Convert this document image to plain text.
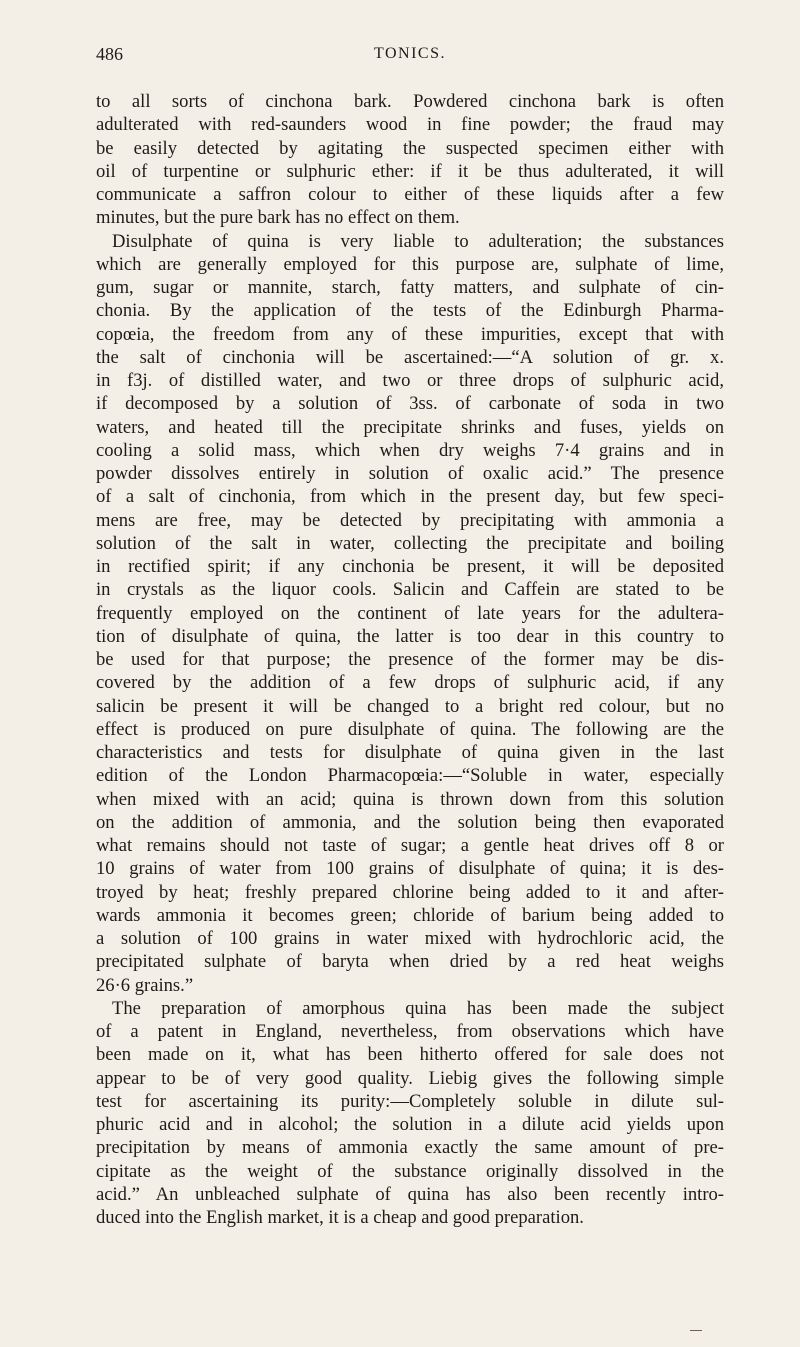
486	TONICS.
to all sorts of cinchona bark. Powdered cinchona bark is often
adulterated with red-saunders wood in fine powder; the fraud may
be easily detected by agitating the suspected specimen either with
oil of turpentine or sulphuric ether: if it be thus adulterated, it will
communicate a saffron colour to either of these liquids after a few
minutes, but the pure bark has no effect on them.
Disulphate of quina is very liable to adulteration; the substances
which are generally employed for this purpose are, sulphate of lime,
gum, sugar or mannite, starch, fatty matters, and sulphate of cin-
chonia. By the application of the tests of the Edinburgh Pharma-
copœia, the freedom from any of these impurities, except that with
the salt of cinchonia will be ascertained:—“A solution of gr. x.
in f3j. of distilled water, and two or three drops of sulphuric acid,
if decomposed by a solution of 3ss. of carbonate of soda in two
waters, and heated till the precipitate shrinks and fuses, yields on
cooling a solid mass, which when dry weighs 7·4 grains and in
powder dissolves entirely in solution of oxalic acid.” The presence
of a salt of cinchonia, from which in the present day, but few speci-
mens are free, may be detected by precipitating with ammonia a
solution of the salt in water, collecting the precipitate and boiling
in rectified spirit; if any cinchonia be present, it will be deposited
in crystals as the liquor cools. Salicin and Caffein are stated to be
frequently employed on the continent of late years for the adultera-
tion of disulphate of quina, the latter is too dear in this country to
be used for that purpose; the presence of the former may be dis-
covered by the addition of a few drops of sulphuric acid, if any
salicin be present it will be changed to a bright red colour, but no
effect is produced on pure disulphate of quina. The following are the
characteristics and tests for disulphate of quina given in the last
edition of the London Pharmacopœia:—“Soluble in water, especially
when mixed with an acid; quina is thrown down from this solution
on the addition of ammonia, and the solution being then evaporated
what remains should not taste of sugar; a gentle heat drives off 8 or
10 grains of water from 100 grains of disulphate of quina; it is des-
troyed by heat; freshly prepared chlorine being added to it and after-
wards ammonia it becomes green; chloride of barium being added to
a solution of 100 grains in water mixed with hydrochloric acid, the
precipitated sulphate of baryta when dried by a red heat weighs
26·6 grains.”
The preparation of amorphous quina has been made the subject
of a patent in England, nevertheless, from observations which have
been made on it, what has been hitherto offered for sale does not
appear to be of very good quality. Liebig gives the following simple
test for ascertaining its purity:—Completely soluble in dilute sul-
phuric acid and in alcohol; the solution in a dilute acid yields upon
precipitation by means of ammonia exactly the same amount of pre-
cipitate as the weight of the substance originally dissolved in the
acid.” An unbleached sulphate of quina has also been recently intro-
duced into the English market, it is a cheap and good preparation.
